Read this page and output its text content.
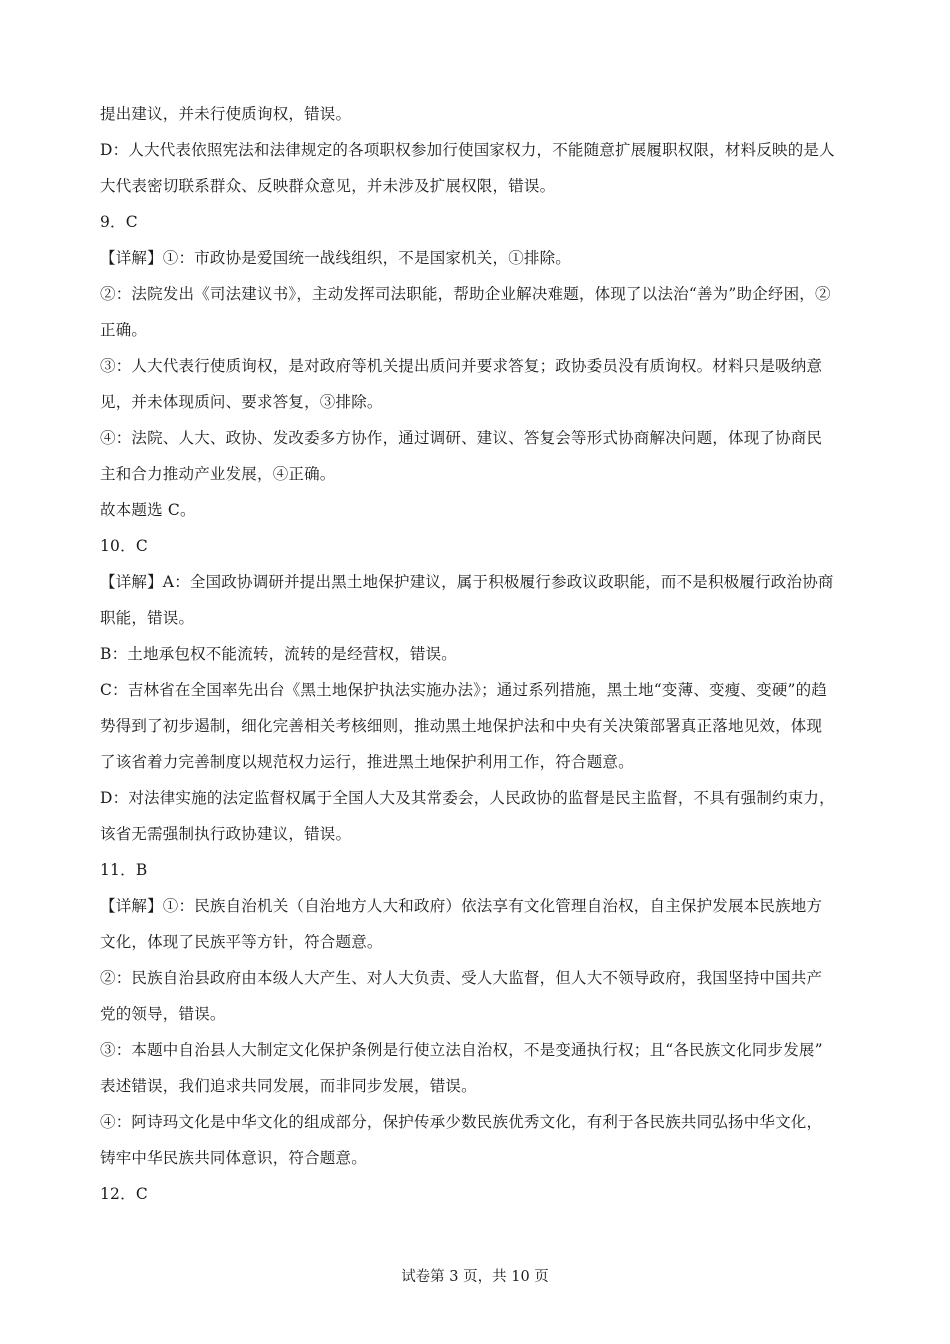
提出建议，并未行使质询权，错误。
D：人大代表依照宪法和法律规定的各项职权参加行使国家权力，不能随意扩展履职权限，材料反映的是人
大代表密切联系群众、反映群众意见，并未涉及扩展权限，错误。
9．C
【详解】①：市政协是爱国统一战线组织，不是国家机关，①排除。
②：法院发出《司法建议书》，主动发挥司法职能，帮助企业解决难题，体现了以法治“善为”助企纾困，②
正确。
③：人大代表行使质询权，是对政府等机关提出质问并要求答复；政协委员没有质询权。材料只是吸纳意
见，并未体现质问、要求答复，③排除。
④：法院、人大、政协、发改委多方协作，通过调研、建议、答复会等形式协商解决问题，体现了协商民
主和合力推动产业发展，④正确。
故本题选 C。
10．C
【详解】A：全国政协调研并提出黑土地保护建议，属于积极履行参政议政职能，而不是积极履行政治协商
职能，错误。
B：土地承包权不能流转，流转的是经营权，错误。
C：吉林省在全国率先出台《黑土地保护执法实施办法》；通过系列措施，黑土地“变薄、变瘦、变硬”的趋
势得到了初步遏制，细化完善相关考核细则，推动黑土地保护法和中央有关决策部署真正落地见效，体现
了该省着力完善制度以规范权力运行，推进黑土地保护利用工作，符合题意。
D：对法律实施的法定监督权属于全国人大及其常委会，人民政协的监督是民主监督，不具有强制约束力，
该省无需强制执行政协建议，错误。
11．B
【详解】①：民族自治机关（自治地方人大和政府）依法享有文化管理自治权，自主保护发展本民族地方
文化，体现了民族平等方针，符合题意。
②：民族自治县政府由本级人大产生、对人大负责、受人大监督，但人大不领导政府，我国坚持中国共产
党的领导，错误。
③：本题中自治县人大制定文化保护条例是行使立法自治权，不是变通执行权；且“各民族文化同步发展”
表述错误，我们追求共同发展，而非同步发展，错误。
④：阿诗玛文化是中华文化的组成部分，保护传承少数民族优秀文化，有利于各民族共同弘扬中华文化，
铸牢中华民族共同体意识，符合题意。
12．C
试卷第 3 页，共 10 页
